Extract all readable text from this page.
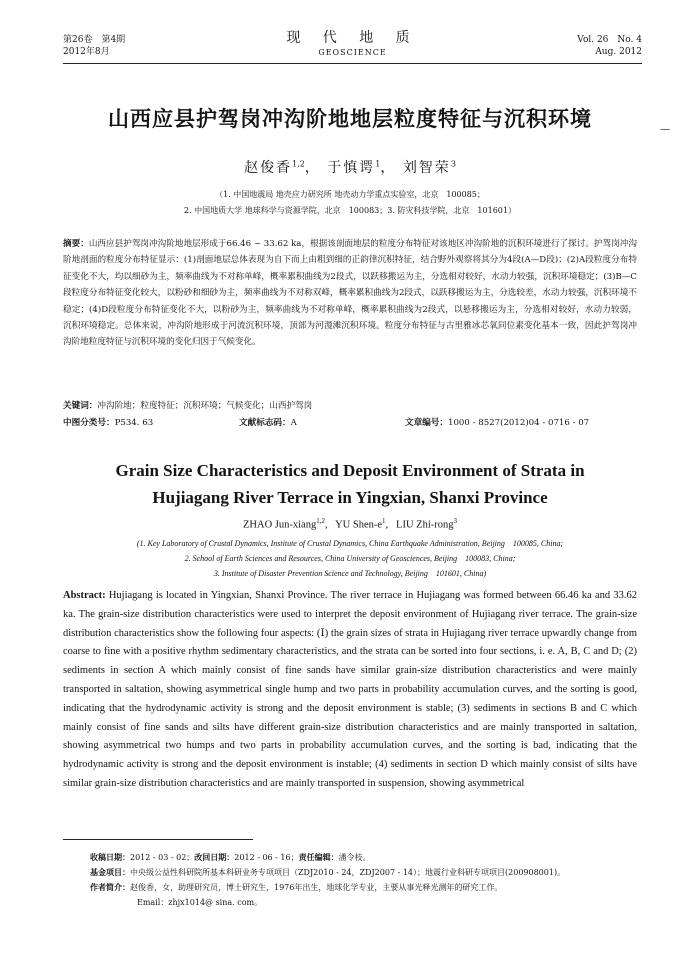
第26卷　第4期
2012年8月
现 代 地 质
GEOSCIENCE
Vol. 26　No. 4
Aug. 2012
山西应县护驾岗冲沟阶地地层粒度特征与沉积环境	—
赵俊香$^{1,2}$， 于慎谔$^1$， 刘智荣$^3$
（1. 中国地震局 地壳应力研究所 地壳动力学重点实验室，北京　100085；
2. 中国地质大学 地球科学与资源学院，北京　100083；3. 防灾科技学院，北京　101601）
摘要：山西应县护驾岗冲沟阶地地层形成于66.46 ~ 33.62 ka，根据该剖面地层的粒度分布特征对该地区冲沟阶地的沉积环境进行了探讨。护驾岗冲沟阶地剖面的粒度分布特征显示：(1)剖面地层总体表现为自下而上由粗到细的正韵律沉积特征，结合野外观察将其分为4段(A—D段)；(2)A段粒度分布特征变化不大，均以细砂为主，频率曲线为不对称单峰，概率累积曲线为2段式，以跃移搬运为主，分选相对较好，水动力较强，沉积环境稳定；(3)B—C段粒度分布特征变化较大，以粉砂和细砂为主，频率曲线为不对称双峰，概率累积曲线为2段式，以跃移搬运为主，分选较差，水动力较强，沉积环境不稳定；(4)D段粒度分布特征变化不大，以粉砂为主，频率曲线为不对称单峰，概率累积曲线为2段式，以悬移搬运为主，分选相对较好，水动力较弱，沉积环境稳定。总体来说，冲沟阶地形成于河流沉积环境，顶部为河漫滩沉积环境。粒度分布特征与古里雅冰芯氧同位素变化基本一致，因此护驾岗冲沟阶地粒度特征与沉积环境的变化归因于气候变化。
关键词：冲沟阶地；粒度特征；沉积环境；气候变化；山西护驾岗
中图分类号：P534. 63	文献标志码：A	文章编号：1000 - 8527(2012)04 - 0716 - 07
Grain Size Characteristics and Deposit Environment of Strata in
Hujiagang River Terrace in Yingxian, Shanxi Province
ZHAO Jun-xiang$^{1,2}$,   YU Shen-$e^1$,   LIU Zhi-rong$^3$
(1. Key Laboratory of Crustal Dynamics, Institute of Crustal Dynamics, China Earthquake Administration, Beijing　100085, China;
2. School of Earth Sciences and Resources, China University of Geosciences, Beijing　100083, China;
3. Institute of Disaster Prevention Science and Technology, Beijing　101601, China)
Abstract: Hujiagang is located in Yingxian, Shanxi Province. The river terrace in Hujiagang was formed between 66.46 ka and 33.62 ka. The grain-size distribution characteristics were used to interpret the deposit environment of Hujiagang river terrace. The grain-size distribution characteristics show the following four aspects: (Ⅰ) the grain sizes of strata in Hujiagang river terrace upwardly change from coarse to fine with a positive rhythm sedimentary characteristics, and the strata can be sorted into four sections, i. e. A, B, C and D; (2) sediments in section A which mainly consist of fine sands have similar grain-size distribution characteristics and were mainly transported in saltation, showing asymmetrical single hump and two parts in probability accumulation curves, and the sorting is good, indicating that the hydrodynamic activity is strong and the deposit environment is stable; (3) sediments in sections B and C which mainly consist of fine sands and silts have different grain-size distribution characteristics and are mainly transported in saltation, showing asymmetrical two humps and two parts in probability accumulation curves, and the sorting is bad, indicating that the hydrodynamic activity is strong and the deposit environment is instable; (4) sediments in section D which mainly consist of silts have similar grain-size distribution characteristics and are mainly transported in suspension, showing asymmetrical
收稿日期：2012 - 03 - 02；改回日期：2012 - 06 - 16；责任编辑：潘令枝。
基金项目：中央级公益性科研院所基本科研业务专项项目（ZDJ2010 - 24，ZDJ2007 - 14）；地震行业科研专项项目(200908001)。
作者简介：赵俊香，女，助理研究员，博士研究生，1976年出生，地球化学专业，主要从事光释光测年的研究工作。
Email：zhjx1014@ sina. com。
